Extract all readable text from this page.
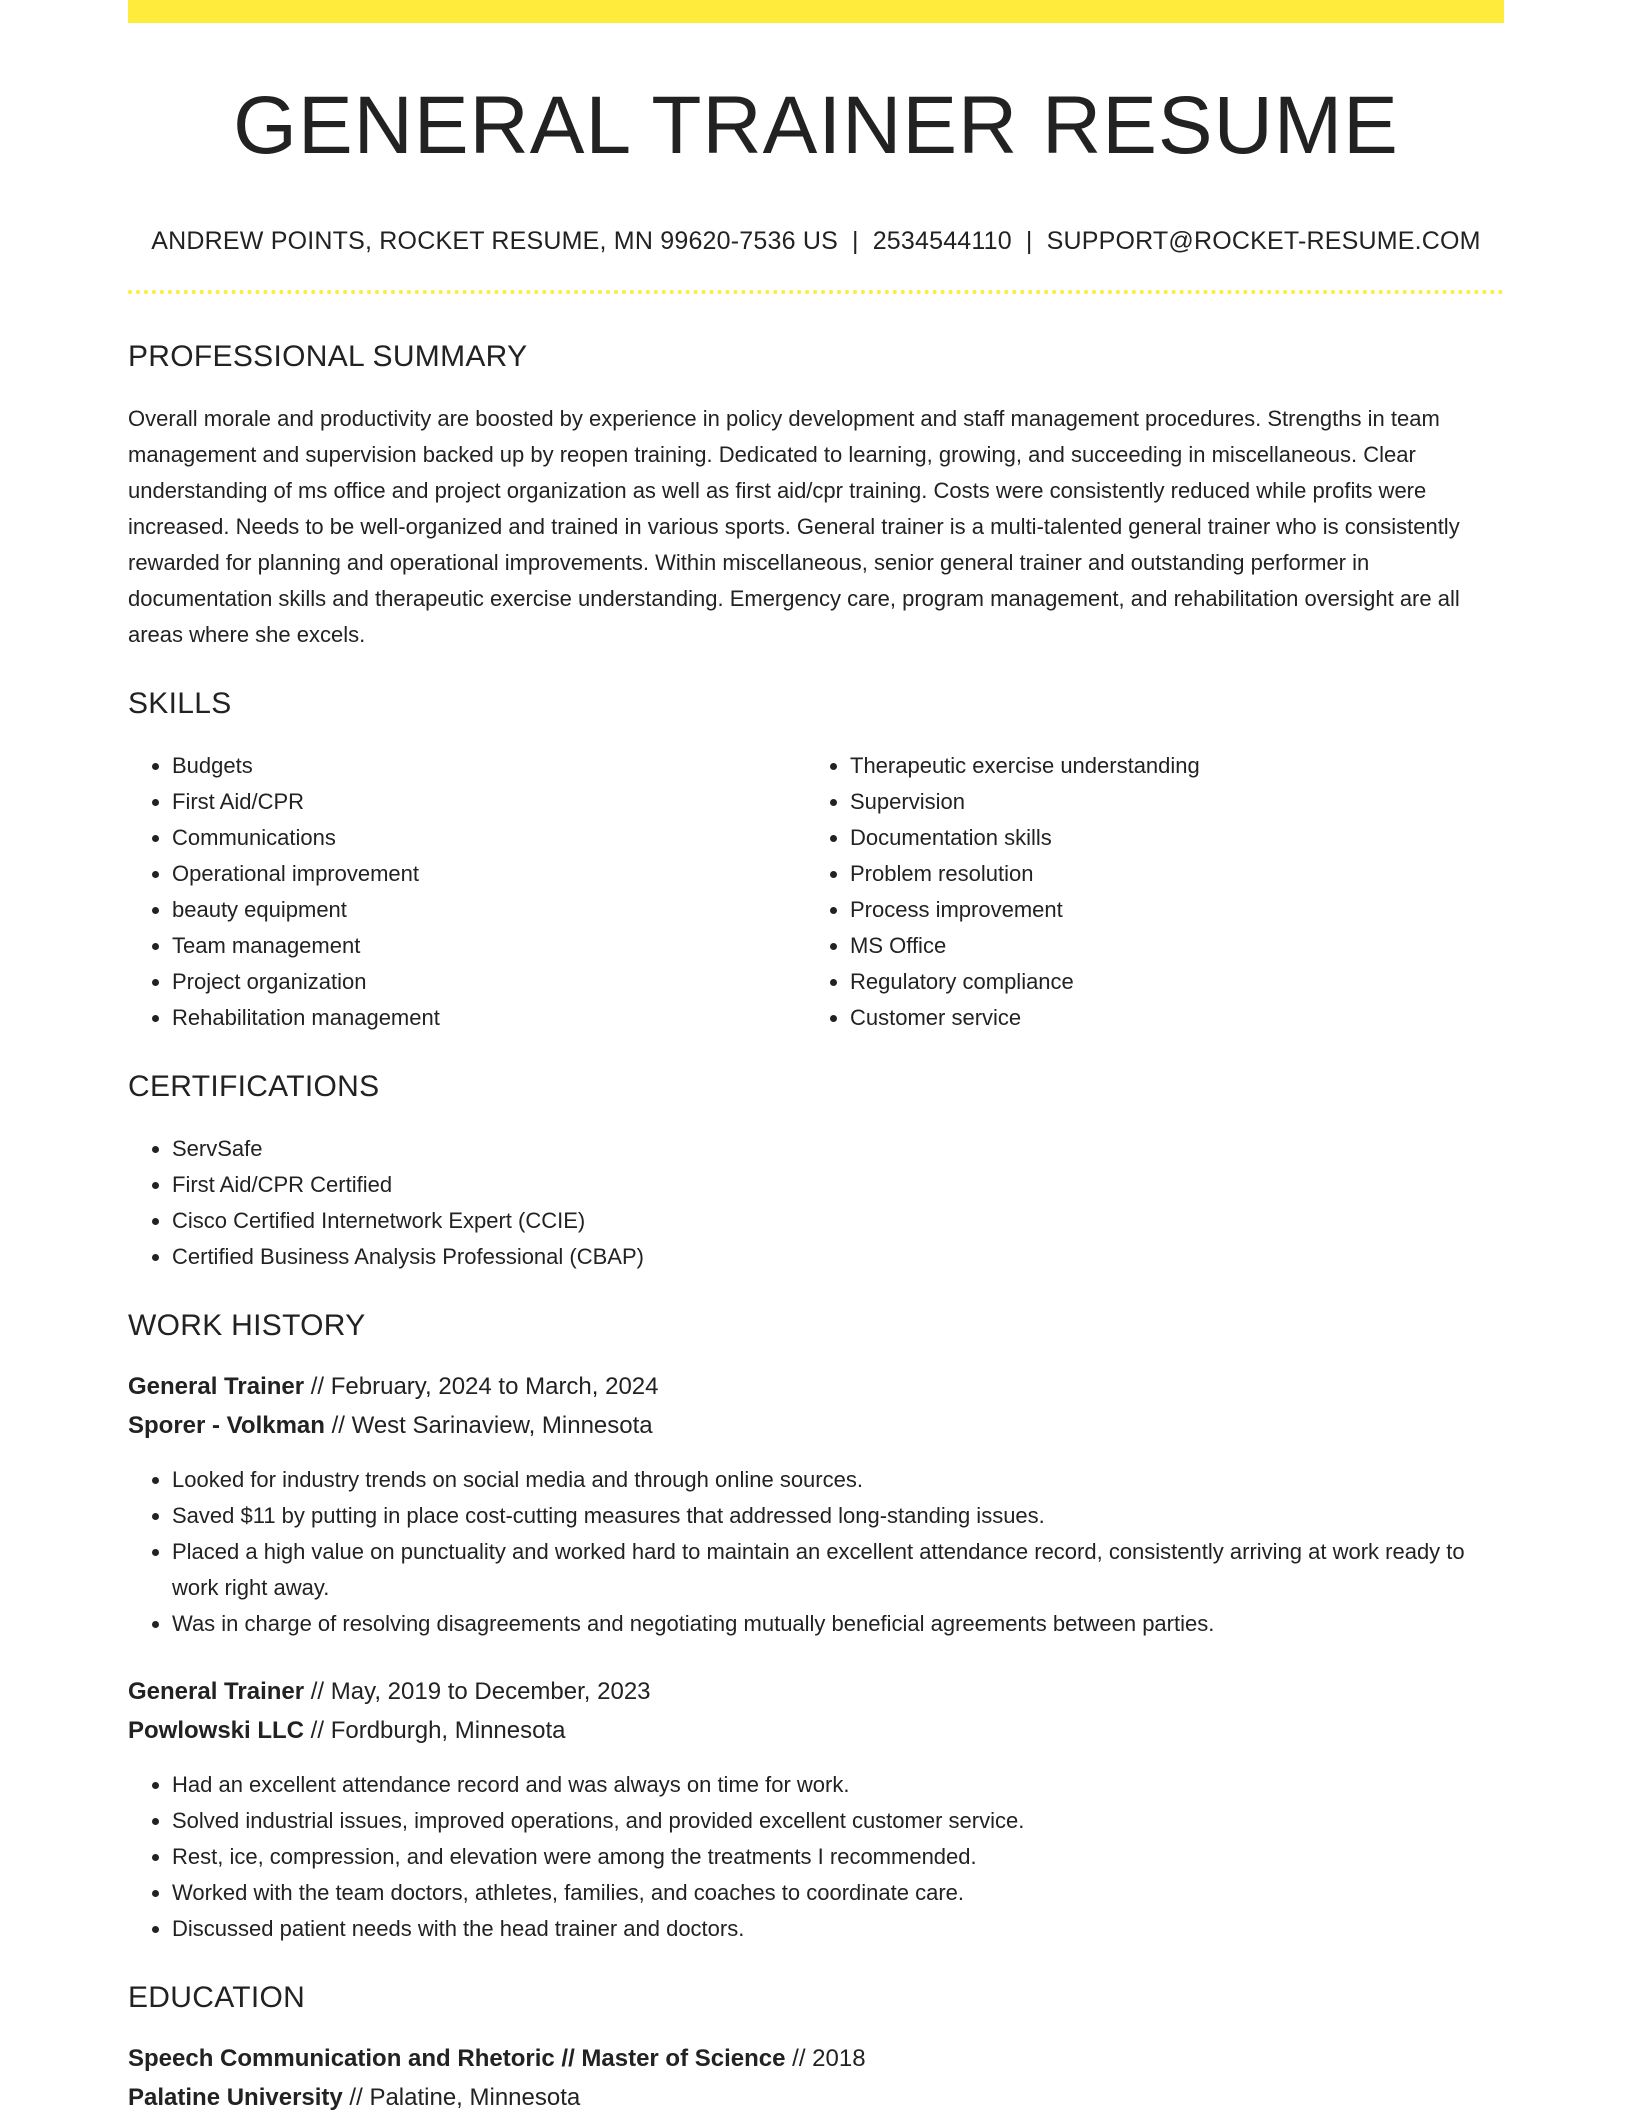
GENERAL TRAINER RESUME
ANDREW POINTS, ROCKET RESUME, MN 99620-7536 US | 2534544110 | SUPPORT@ROCKET-RESUME.COM
PROFESSIONAL SUMMARY

Overall morale and productivity are boosted by experience in policy development and staff management procedures. Strengths in team management and supervision backed up by reopen training. Dedicated to learning, growing, and succeeding in miscellaneous. Clear understanding of ms office and project organization as well as first aid/cpr training. Costs were consistently reduced while profits were increased. Needs to be well-organized and trained in various sports. General trainer is a multi-talented general trainer who is consistently rewarded for planning and operational improvements. Within miscellaneous, senior general trainer and outstanding performer in documentation skills and therapeutic exercise understanding. Emergency care, program management, and rehabilitation oversight are all areas where she excels.

SKILLS
• Budgets
• First Aid/CPR
• Communications
• Operational improvement
• beauty equipment
• Team management
• Project organization
• Rehabilitation management
• Therapeutic exercise understanding
• Supervision
• Documentation skills
• Problem resolution
• Process improvement
• MS Office
• Regulatory compliance
• Customer service
CERTIFICATIONS
• ServSafe
• First Aid/CPR Certified
• Cisco Certified Internetwork Expert (CCIE)
• Certified Business Analysis Professional (CBAP)
WORK HISTORY
General Trainer // February, 2024 to March, 2024
Sporer - Volkman // West Sarinaview, Minnesota
• Looked for industry trends on social media and through online sources.
• Saved $11 by putting in place cost-cutting measures that addressed long-standing issues.
• Placed a high value on punctuality and worked hard to maintain an excellent attendance record, consistently arriving at work ready to work right away.
• Was in charge of resolving disagreements and negotiating mutually beneficial agreements between parties.
General Trainer // May, 2019 to December, 2023
Powlowski LLC // Fordburgh, Minnesota
• Had an excellent attendance record and was always on time for work.
• Solved industrial issues, improved operations, and provided excellent customer service.
• Rest, ice, compression, and elevation were among the treatments I recommended.
• Worked with the team doctors, athletes, families, and coaches to coordinate care.
• Discussed patient needs with the head trainer and doctors.
EDUCATION
Speech Communication and Rhetoric // Master of Science // 2018
Palatine University // Palatine, Minnesota
